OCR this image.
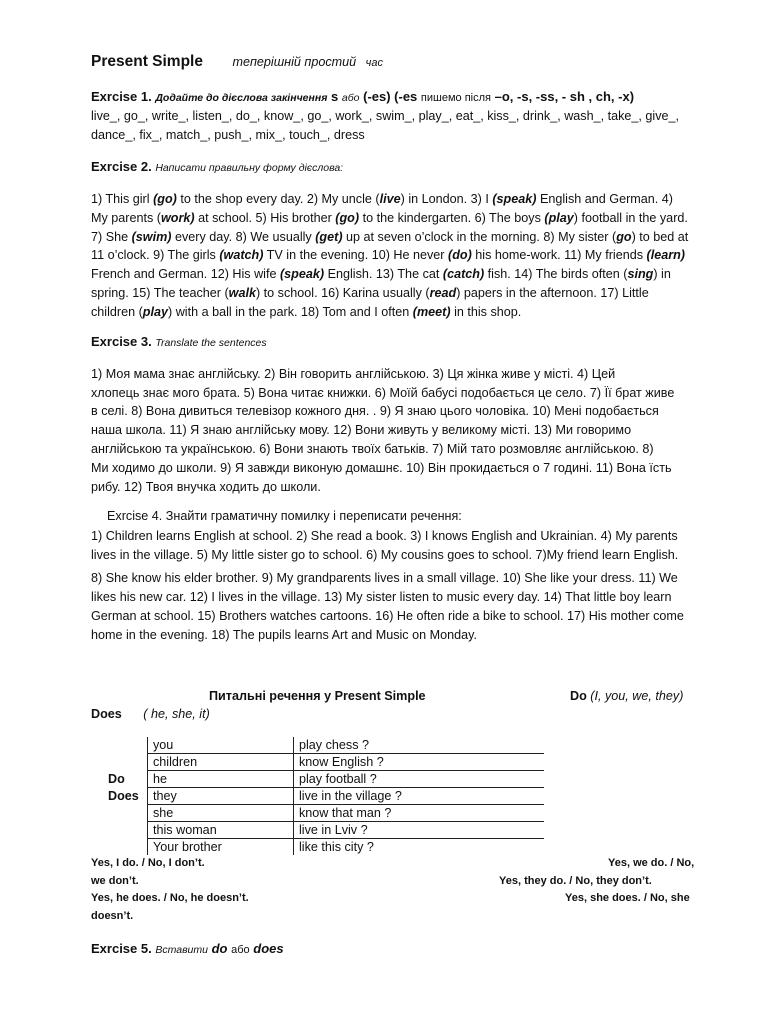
Present Simple теперішній простий час
Exrcise 1. Додайте до дієслова закінчення s або (-es) (-es пишемо після –o, -s, -ss, - sh , ch, -x)
live_, go_, write_, listen_, do_, know_, go_, work_, swim_, play_, eat_, kiss_, drink_, wash_, take_, give_,
dance_, fix_, match_, push_, mix_, touch_, dress
Exrcise 2. Написати правильну форму дієслова:
1) This girl (go) to the shop every day. 2) My uncle (live) in London. 3) I (speak) English and German. 4)
My parents (work) at school. 5) His brother (go) to the kindergarten. 6) The boys (play) football in the yard.
7) She (swim) every day. 8) We usually (get) up at seven o’clock in the morning. 8) My sister (go) to bed at
11 o’clock. 9) The girls (watch) TV in the evening. 10) He never (do) his home-work. 11) My friends (learn)
French and German. 12) His wife (speak) English. 13) The cat (catch) fish. 14) The birds often (sing) in
spring. 15) The teacher (walk) to school. 16) Karina usually (read) papers in the afternoon. 17) Little
children (play) with a ball in the park. 18) Tom and I often (meet) in this shop.
Exrcise 3. Translate the sentences
1) Моя мама знає англійську. 2) Він говорить англійською. 3) Ця жінка живе у місті. 4) Цей
хлопець знає мого брата. 5) Вона читає книжки. 6) Моїй бабусі подобається це село. 7) Її брат живе
в селі. 8) Вона дивиться телевізор кожного дня. . 9) Я знаю цього чоловіка. 10) Мені подобається
наша школа. 11) Я знаю англійську мову. 12) Вони живуть у великому місті. 13) Ми говоримо
англійською та українською. 6) Вони знають твоїх батьків. 7) Мій тато розмовляє англійською. 8)
Ми ходимо до школи. 9) Я завжди виконую домашнє. 10) Він прокидається о 7 годині. 11) Вона їсть
рибу. 12) Твоя внучка ходить до школи.
Exrcise 4. Знайти граматичну помилку і переписати речення:
1) Children learns English at school. 2) She read a book. 3) I knows English and Ukrainian. 4) My parents
lives in the village. 5) My little sister go to school. 6) My cousins goes to school. 7)My friend learn English.
8) She know his elder brother. 9) My grandparents lives in a small village. 10) She like your dress. 11) We
likes his new car. 12) I lives in the village. 13) My sister listen to music every day. 14) That little boy learn
German at school. 15) Brothers watches cartoons. 16) He often ride a bike to school. 17) His mother come
home in the evening. 18) The pupils learns Art and Music on Monday.
Питальні речення у Present Simple	Do (I, you, we, they)
Does ( he, she, it)
Do
Does
you	play chess ?
children	know English ?
he	play football ?
they	live in the village ?
she	know that man ?
this woman	live in Lviv ?
Your brother	like this city ?
Yes, I do. / No, I don’t.	Yes, we do. / No,
we don’t.	Yes, they do. / No, they don’t.
Yes, he does. / No, he doesn’t.	Yes, she does. / No, she
doesn’t.
Exrcise 5. Вставити do або does
